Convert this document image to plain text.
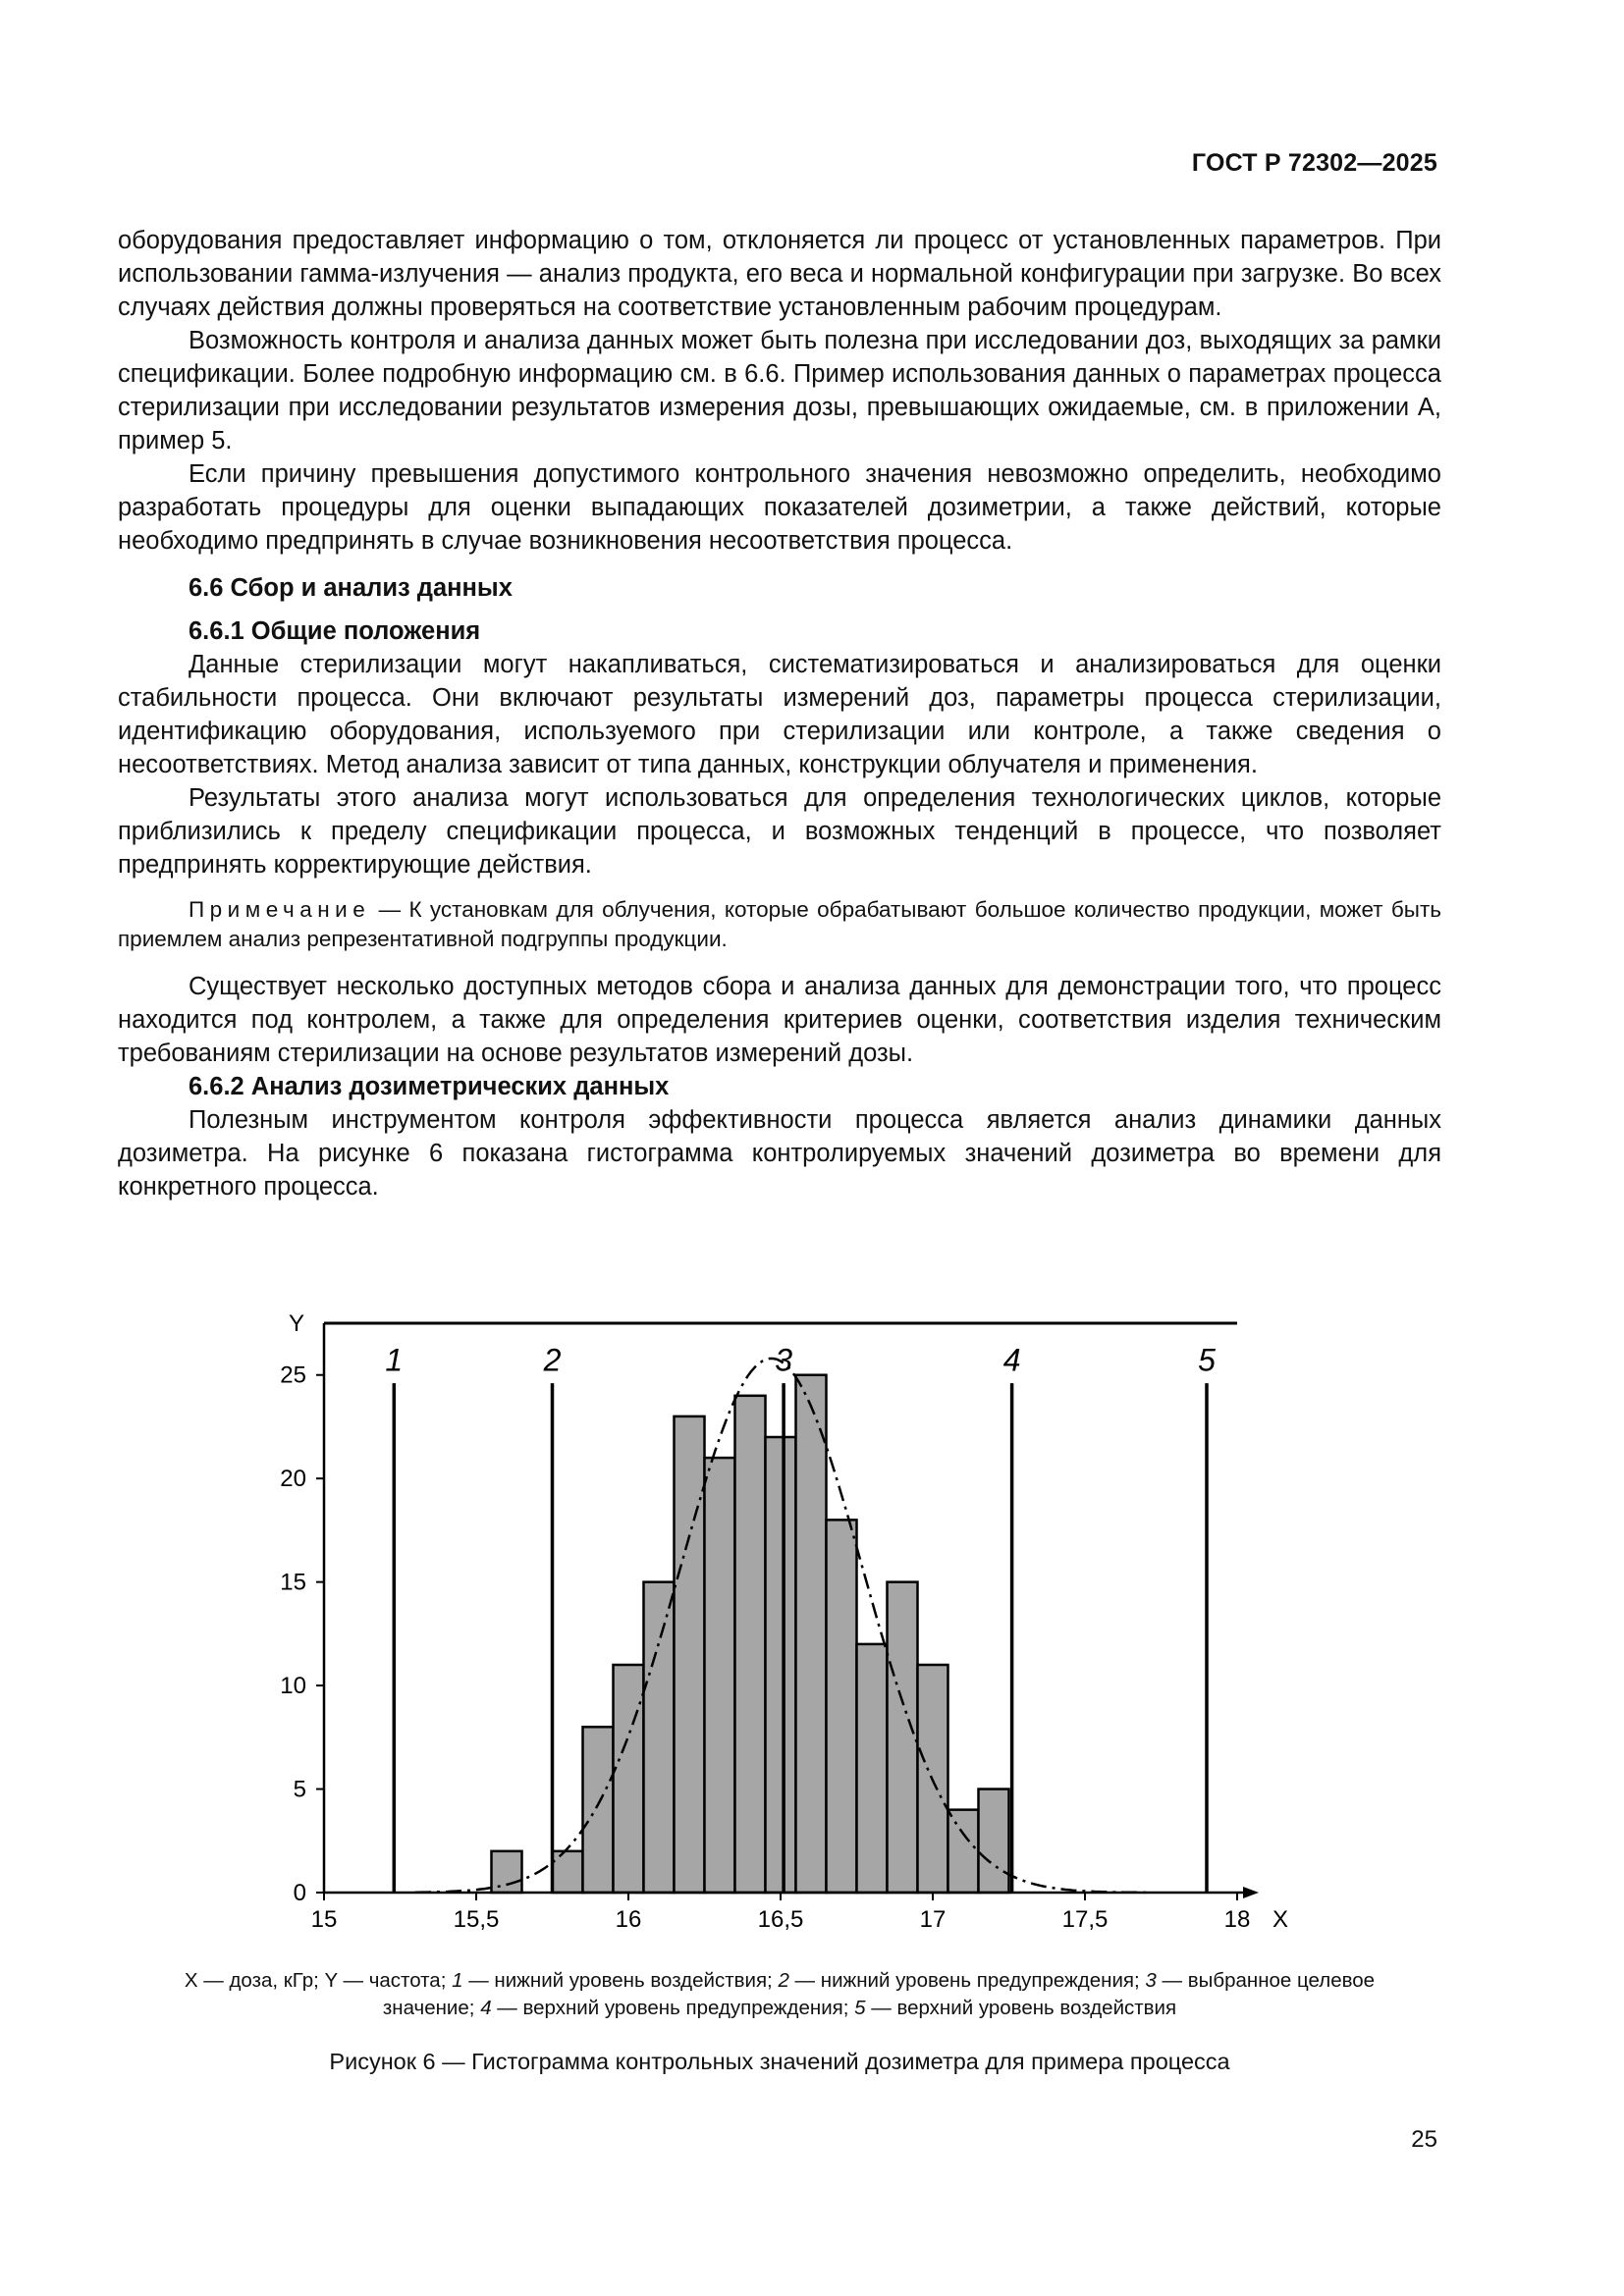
ГОСТ Р 72302—2025

оборудования предоставляет информацию о том, отклоняется ли процесс от установленных параметров. При использовании гамма-излучения — анализ продукта, его веса и нормальной конфигурации при загрузке. Во всех случаях действия должны проверяться на соответствие установленным рабочим процедурам.

Возможность контроля и анализа данных может быть полезна при исследовании доз, выходящих за рамки спецификации. Более подробную информацию см. в 6.6. Пример использования данных о параметрах процесса стерилизации при исследовании результатов измерения дозы, превышающих ожидаемые, см. в приложении А, пример 5.

Если причину превышения допустимого контрольного значения невозможно определить, необходимо разработать процедуры для оценки выпадающих показателей дозиметрии, а также действий, которые необходимо предпринять в случае возникновения несоответствия процесса.

6.6 Сбор и анализ данных

6.6.1 Общие положения

Данные стерилизации могут накапливаться, систематизироваться и анализироваться для оценки стабильности процесса. Они включают результаты измерений доз, параметры процесса стерилизации, идентификацию оборудования, используемого при стерилизации или контроле, а также сведения о несоответствиях. Метод анализа зависит от типа данных, конструкции облучателя и применения.

Результаты этого анализа могут использоваться для определения технологических циклов, которые приблизились к пределу спецификации процесса, и возможных тенденций в процессе, что позволяет предпринять корректирующие действия.

Примечание — К установкам для облучения, которые обрабатывают большое количество продукции, может быть приемлем анализ репрезентативной подгруппы продукции.

Существует несколько доступных методов сбора и анализа данных для демонстрации того, что процесс находится под контролем, а также для определения критериев оценки, соответствия изделия техническим требованиям стерилизации на основе результатов измерений дозы.

6.6.2 Анализ дозиметрических данных

Полезным инструментом контроля эффективности процесса является анализ динамики данных дозиметра. На рисунке 6 показана гистограмма контролируемых значений дозиметра во времени для конкретного процесса.

1	2	3	4	5
15	15,5	16	16,5	17	17,5	18
0
5
10
15
20
25
X
Y
X — доза, кГр; Y — частота; 1 — нижний уровень воздействия; 2 — нижний уровень предупреждения; 3 — выбранное целевое
значение; 4 — верхний уровень предупреждения; 5 — верхний уровень воздействия
Рисунок 6 — Гистограмма контрольных значений дозиметра для примера процесса
25
